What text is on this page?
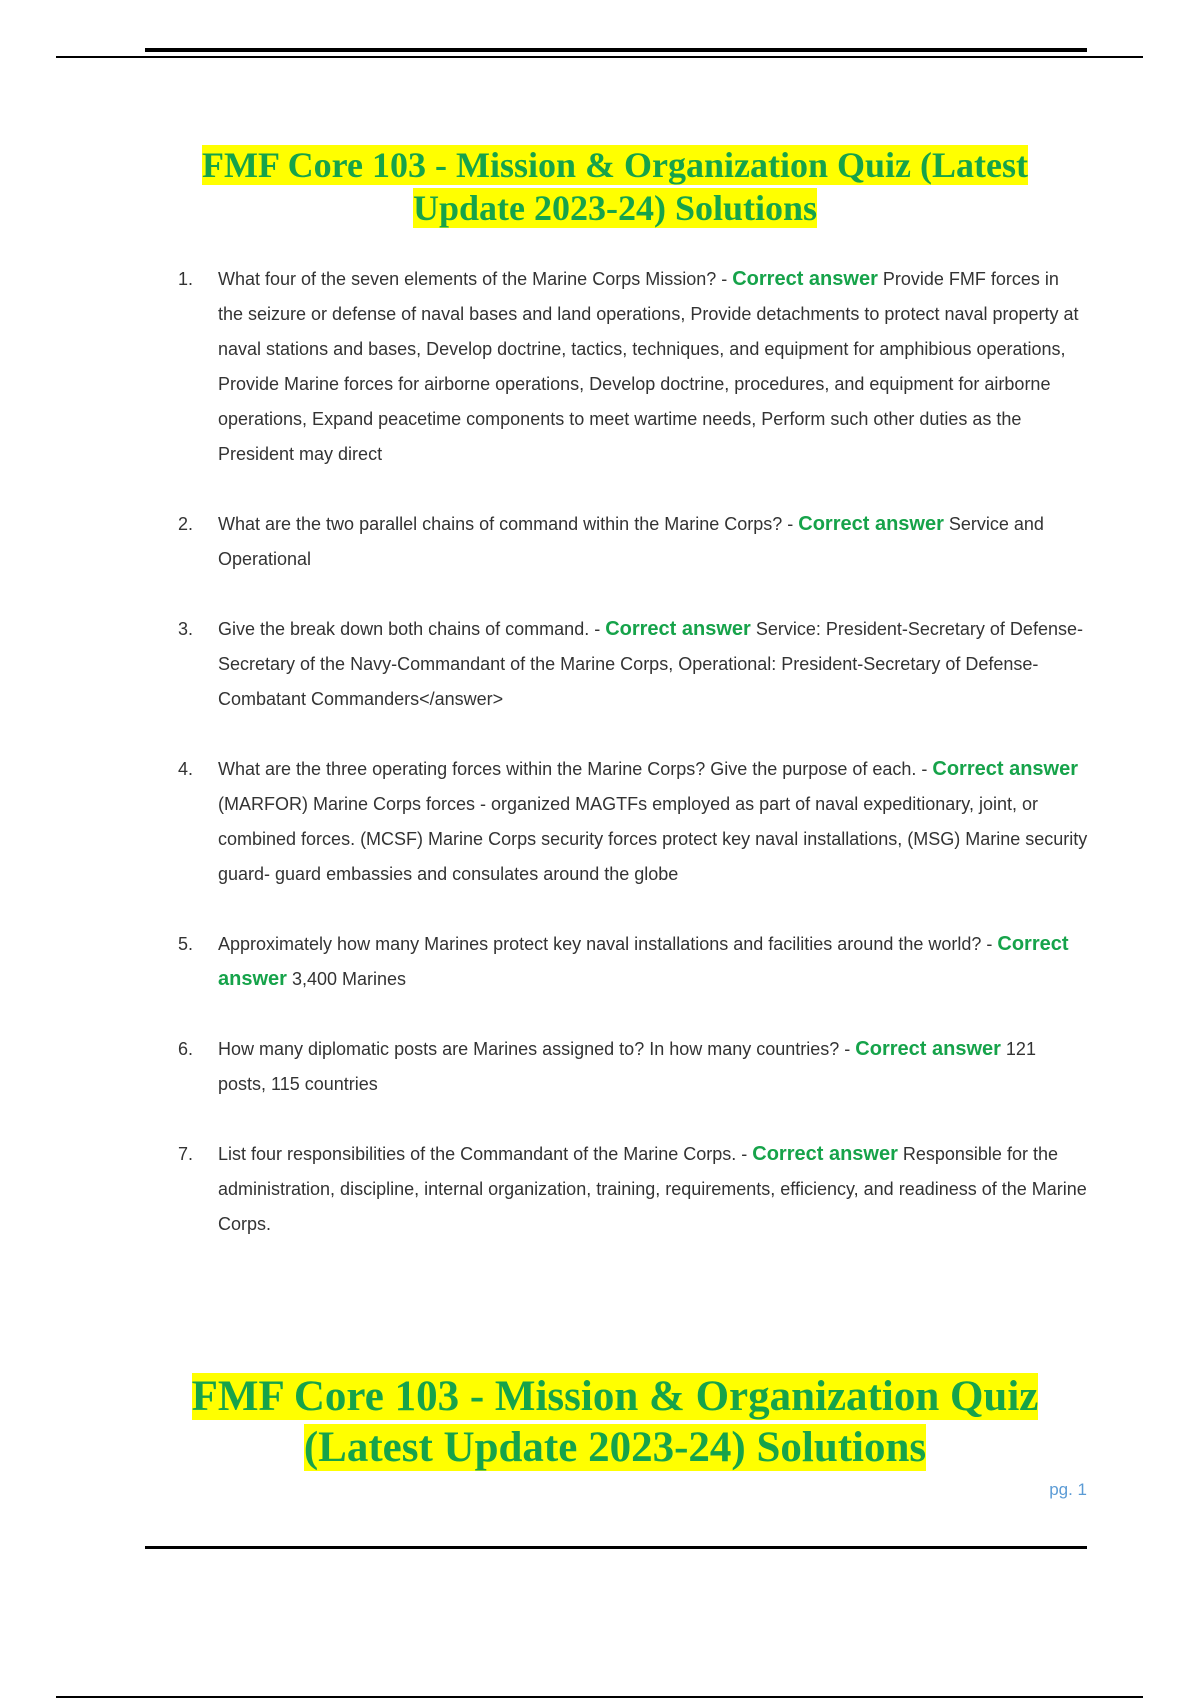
FMF Core 103 - Mission & Organization Quiz (Latest
Update 2023-24) Solutions
1. What four of the seven elements of the Marine Corps Mission? - Correct answer Provide FMF forces in the seizure or defense of naval bases and land operations, Provide detachments to protect naval property at naval stations and bases, Develop doctrine, tactics, techniques, and equipment for amphibious operations, Provide Marine forces for airborne operations, Develop doctrine, procedures, and equipment for airborne operations, Expand peacetime components to meet wartime needs, Perform such other duties as the President may direct
2. What are the two parallel chains of command within the Marine Corps? - Correct answer Service and Operational
3. Give the break down both chains of command. - Correct answer Service: President-Secretary of Defense-Secretary of the Navy-Commandant of the Marine Corps, Operational: President-Secretary of Defense-Combatant Commanders</answer>
4. What are the three operating forces within the Marine Corps? Give the purpose of each. - Correct answer (MARFOR) Marine Corps forces - organized MAGTFs employed as part of naval expeditionary, joint, or combined forces. (MCSF) Marine Corps security forces protect key naval installations, (MSG) Marine security guard- guard embassies and consulates around the globe
5. Approximately how many Marines protect key naval installations and facilities around the world? - Correct answer 3,400 Marines
6. How many diplomatic posts are Marines assigned to? In how many countries? - Correct answer 121 posts, 115 countries
7. List four responsibilities of the Commandant of the Marine Corps. - Correct answer Responsible for the administration, discipline, internal organization, training, requirements, efficiency, and readiness of the Marine Corps.
FMF Core 103 - Mission & Organization Quiz
(Latest Update 2023-24) Solutions
pg. 1
